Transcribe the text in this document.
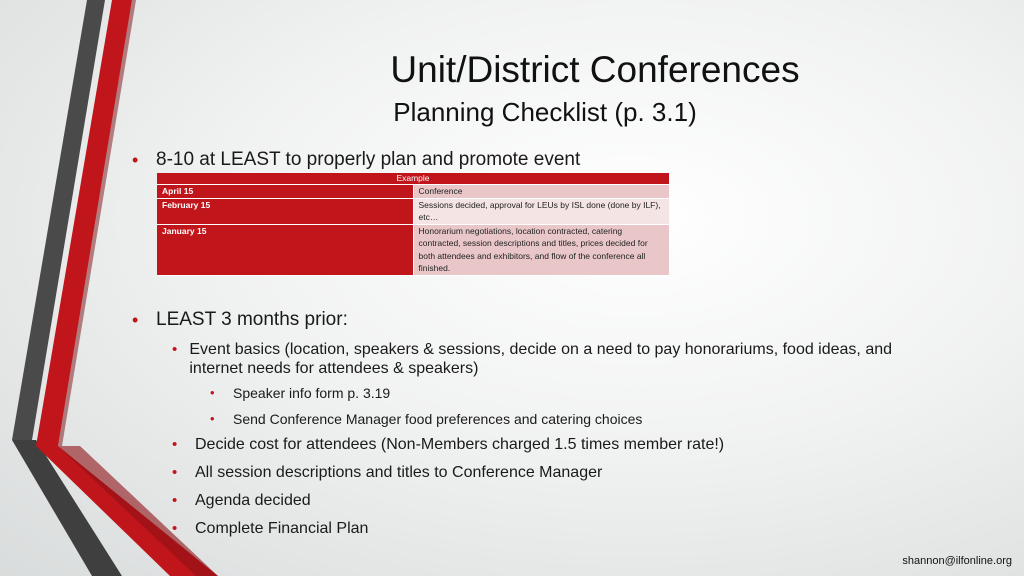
Unit/District Conferences
Planning Checklist (p. 3.1)
• 8-10 at LEAST to properly plan and promote event
Example	
April 15	Conference
February 15	Sessions decided, approval for LEUs by ISL done (done by ILF), etc…
January 15	Honorarium negotiations, location contracted, catering contracted, session descriptions and titles, prices decided for both attendees and exhibitors, and flow of the conference all finished.
• LEAST 3 months prior:
• Event basics (location, speakers & sessions, decide on a need to pay honorariums, food ideas, and internet needs for attendees & speakers)
•	Speaker info form p. 3.19
•	Send Conference Manager food preferences and catering choices
•	Decide cost for attendees (Non-Members charged 1.5 times member rate!)
•	All session descriptions and titles to Conference Manager
•	Agenda decided
•	Complete Financial Plan
shannon@ilfonline.org
